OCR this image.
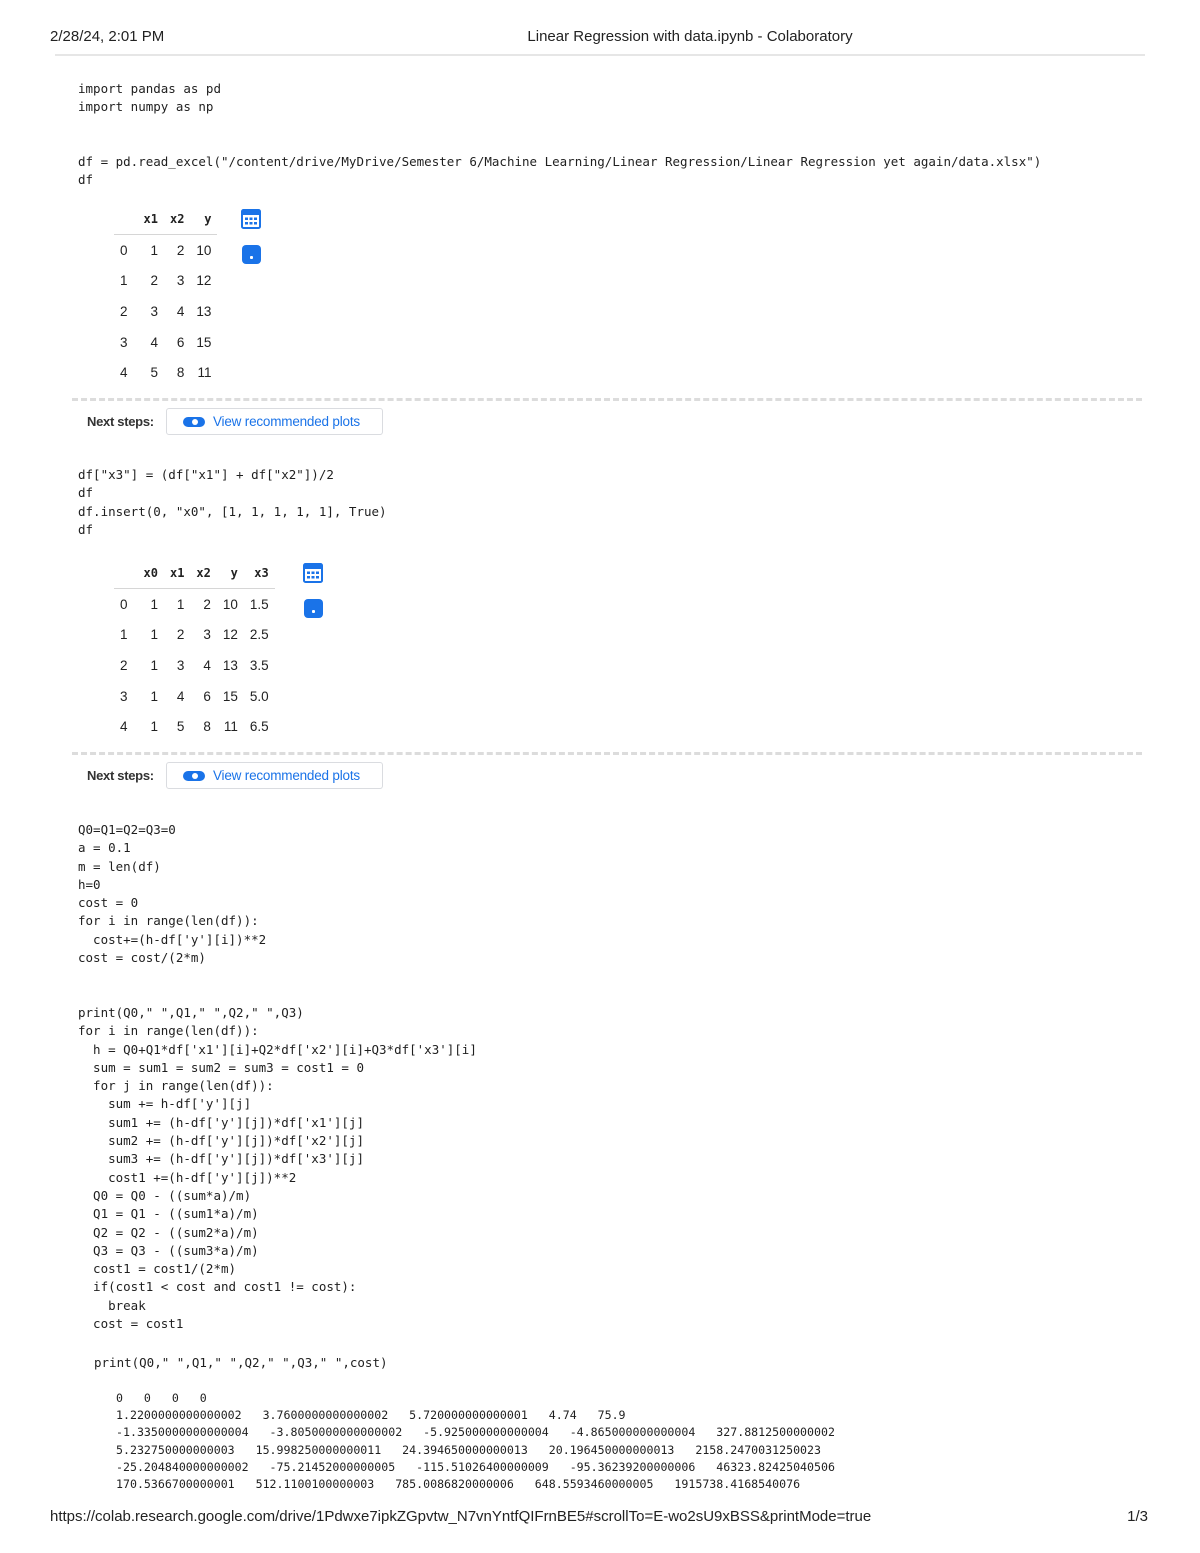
2/28/24, 2:01 PM	Linear Regression with data.ipynb - Colaboratory
import pandas as pd
import numpy as np

df = pd.read_excel("/content/drive/MyDrive/Semester 6/Machine Learning/Linear Regression/Linear Regression yet again/data.xlsx")
df
	x1	x2	y
0	1	2	10
1	2	3	12
2	3	4	13
3	4	6	15
4	5	8	11
Next steps:	View recommended plots
df["x3"] = (df["x1"] + df["x2"])/2
df
df.insert(0, "x0", [1, 1, 1, 1, 1], True)
df
	x0	x1	x2	y	x3
0	1	1	2	10	1.5
1	1	2	3	12	2.5
2	1	3	4	13	3.5
3	1	4	6	15	5.0
4	1	5	8	11	6.5
Next steps:	View recommended plots
Q0=Q1=Q2=Q3=0
a = 0.1
m = len(df)
h=0
cost = 0
for i in range(len(df)):
cost+=(h-df['y'][i])**2
cost = cost/(2*m)

print(Q0," ",Q1," ",Q2," ",Q3)
for i in range(len(df)):
h = Q0+Q1*df['x1'][i]+Q2*df['x2'][i]+Q3*df['x3'][i]
sum = sum1 = sum2 = sum3 = cost1 = 0
for j in range(len(df)):
sum += h-df['y'][j]
sum1 += (h-df['y'][j])*df['x1'][j]
sum2 += (h-df['y'][j])*df['x2'][j]
sum3 += (h-df['y'][j])*df['x3'][j]
cost1 +=(h-df['y'][j])**2
Q0 = Q0 - ((sum*a)/m)
Q1 = Q1 - ((sum1*a)/m)
Q2 = Q2 - ((sum2*a)/m)
Q3 = Q3 - ((sum3*a)/m)
cost1 = cost1/(2*m)
if(cost1 < cost and cost1 != cost):
break
cost = cost1
print(Q0," ",Q1," ",Q2," ",Q3," ",cost)
0   0   0   0
1.2200000000000002   3.7600000000000002   5.720000000000001   4.74   75.9
-1.3350000000000004   -3.8050000000000002   -5.925000000000004   -4.865000000000004   327.8812500000002
5.232750000000003   15.998250000000011   24.394650000000013   20.196450000000013   2158.2470031250023
-25.204840000000002   -75.21452000000005   -115.51026400000009   -95.36239200000006   46323.82425040506
170.5366700000001   512.1100100000003   785.0086820000006   648.5593460000005   1915738.4168540076
https://colab.research.google.com/drive/1Pdwxe7ipkZGpvtw_N7vnYntfQIFrnBE5#scrollTo=E-wo2sU9xBSS&printMode=true	1/3
